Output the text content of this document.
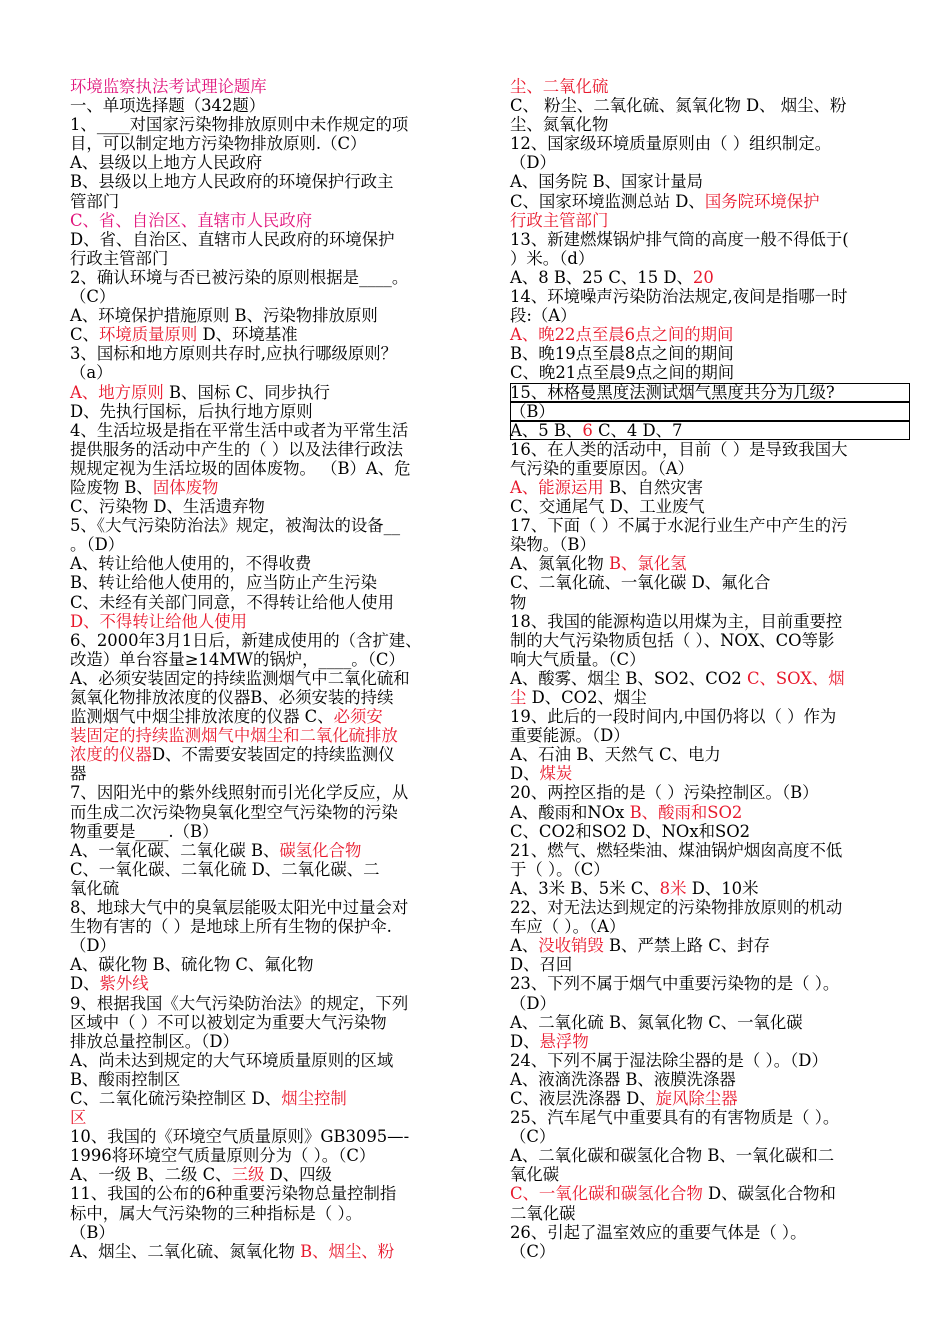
环境监察执法考试理论题库
一、单项选择题（342题）
1、____对国家污染物排放原则中未作规定的项
目，可以制定地方污染物排放原则.（C）
A、县级以上地方人民政府
B、县级以上地方人民政府的环境保护行政主
管部门
C、省、自治区、直辖市人民政府
D、省、自治区、直辖市人民政府的环境保护
行政主管部门
2、确认环境与否已被污染的原则根据是____。
（C）
A、环境保护措施原则 B、污染物排放原则
C、环境质量原则 D、环境基准
3、国标和地方原则共存时,应执行哪级原则？
（a）
A、地方原则 B、国标 C、同步执行
D、先执行国标，后执行地方原则
4、生活垃圾是指在平常生活中或者为平常生活
提供服务的活动中产生的（ ）以及法律行政法
规规定视为生活垃圾的固体废物。 （B）A、危
险废物 B、固体废物
C、污染物 D、生活遗弃物
5、《大气污染防治法》规定，被淘汰的设备__
。（D）
A、转让给他人使用的，不得收费
B、转让给他人使用的，应当防止产生污染
C、未经有关部门同意，不得转让给他人使用
D、不得转让给他人使用
6、2000年3月1日后，新建成使用的（含扩建、
改造）单台容量≥14MW的锅炉，____。（C）
A、必须安装固定的持续监测烟气中二氧化硫和
氮氧化物排放浓度的仪器B、必须安装的持续
监测烟气中烟尘排放浓度的仪器 C、必须安
装固定的持续监测烟气中烟尘和二氧化硫排放
浓度的仪器D、不需要安装固定的持续监测仪
器
7、因阳光中的紫外线照射而引光化学反应，从
而生成二次污染物臭氧化型空气污染物的污染
物重要是____.（B）
A、一氧化碳、二氧化碳 B、碳氢化合物
C、一氧化碳、二氧化硫 D、二氧化碳、二
氧化硫
8、地球大气中的臭氧层能吸太阳光中过量会对
生物有害的（ ）是地球上所有生物的保护伞.
（D）
A、碳化物 B、硫化物 C、氟化物
D、紫外线
9、根据我国《大气污染防治法》的规定，下列
区域中（ ）不可以被划定为重要大气污染物
排放总量控制区。（D）
A、尚未达到规定的大气环境质量原则的区域
B、酸雨控制区
C、二氧化硫污染控制区 D、烟尘控制
区
10、我国的《环境空气质量原则》GB3095—-
1996将环境空气质量原则分为（ ）。（C）
A、一级 B、二级 C、三级 D、四级
11、我国的公布的6种重要污染物总量控制指
标中，属大气污染物的三种指标是（ ）。
（B）
A、烟尘、二氧化硫、氮氧化物 B、烟尘、粉
尘、二氧化硫
C、 粉尘、二氧化硫、氮氧化物 D、 烟尘、粉
尘、氮氧化物
12、国家级环境质量原则由（ ）组织制定。
（D）
A、国务院 B、国家计量局
C、国家环境监测总站 D、国务院环境保护
行政主管部门
13、新建燃煤锅炉排气筒的高度一般不得低于(
）米。（d）
A、8 B、25 C、15 D、20
14、环境噪声污染防治法规定,夜间是指哪一时
段:（A）
A、晚22点至晨6点之间的期间
B、晚19点至晨8点之间的期间
C、晚21点至晨9点之间的期间
15、林格曼黑度法测试烟气黑度共分为几级?
（B）
A、5 B、6 C、4 D、7
16、在人类的活动中，目前（ ）是导致我国大
气污染的重要原因。（A）
A、能源运用 B、自然灾害
C、交通尾气 D、工业废气
17、下面（ ）不属于水泥行业生产中产生的污
染物。（B）
A、氮氧化物 B、氯化氢
C、二氧化硫、一氧化碳 D、氟化合
物
18、我国的能源构造以用煤为主，目前重要控
制的大气污染物质包括（ ）、NOX、CO等影
响大气质量。（C）
A、酸雾、烟尘 B、SO2、CO2 C、SOX、烟
尘 D、CO2、烟尘
19、此后的一段时间内,中国仍将以（ ）作为
重要能源。（D）
A、石油 B、天然气 C、电力
D、煤炭
20、两控区指的是（ ）污染控制区。（B）
A、酸雨和NOx B、酸雨和SO2
C、CO2和SO2 D、NOx和SO2
21、燃气、燃轻柴油、煤油锅炉烟囱高度不低
于（ ）。（C）
A、3米 B、5米 C、8米 D、10米
22、对无法达到规定的污染物排放原则的机动
车应（ ）。（A）
A、没收销毁 B、严禁上路 C、封存
D、召回
23、下列不属于烟气中重要污染物的是（ ）。
（D）
A、二氧化硫 B、氮氧化物 C、一氧化碳
D、悬浮物
24、下列不属于湿法除尘器的是（ ）。（D）
A、液滴洗涤器 B、液膜洗涤器
C、液层洗涤器 D、旋风除尘器
25、汽车尾气中重要具有的有害物质是（ ）。
（C）
A、二氧化碳和碳氢化合物 B、一氧化碳和二
氧化碳
C、一氧化碳和碳氢化合物 D、碳氢化合物和
二氧化碳
26、引起了温室效应的重要气体是（ ）。
（C）
